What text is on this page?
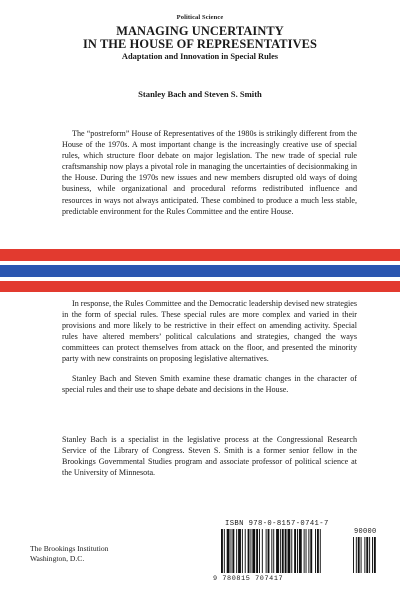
Political Science
MANAGING UNCERTAINTY
IN THE HOUSE OF REPRESENTATIVES
Adaptation and Innovation in Special Rules
Stanley Bach and Steven S. Smith
The “postreform” House of Representatives of the 1980s is strikingly different from the House of the 1970s. A most important change is the increasingly creative use of special rules, which structure floor debate on major legislation. The new trade of special rule craftsmanship now plays a pivotal role in managing the uncertainties of decisionmaking in the House. During the 1970s new issues and new members disrupted old ways of doing business, while organizational and procedural reforms redistributed influence and resources in ways not always anticipated. These combined to produce a much less stable, predictable environment for the Rules Committee and the entire House.
In response, the Rules Committee and the Democratic leadership devised new strategies in the form of special rules. These special rules are more complex and varied in their provisions and more likely to be restrictive in their effect on amending activity. Special rules have altered members’ political calculations and strategies, changed the ways committees can protect themselves from attack on the floor, and presented the minority party with new constraints on proposing legislative alternatives.
Stanley Bach and Steven Smith examine these dramatic changes in the character of special rules and their use to shape debate and decisions in the House.
Stanley Bach is a specialist in the legislative process at the Congressional Research Service of the Library of Congress. Steven S. Smith is a former senior fellow in the Brookings Governmental Studies program and associate professor of political science at the University of Minnesota.
The Brookings Institution
Washington, D.C.
ISBN 978-0-8157-0741-7
90000
9 780815 707417
